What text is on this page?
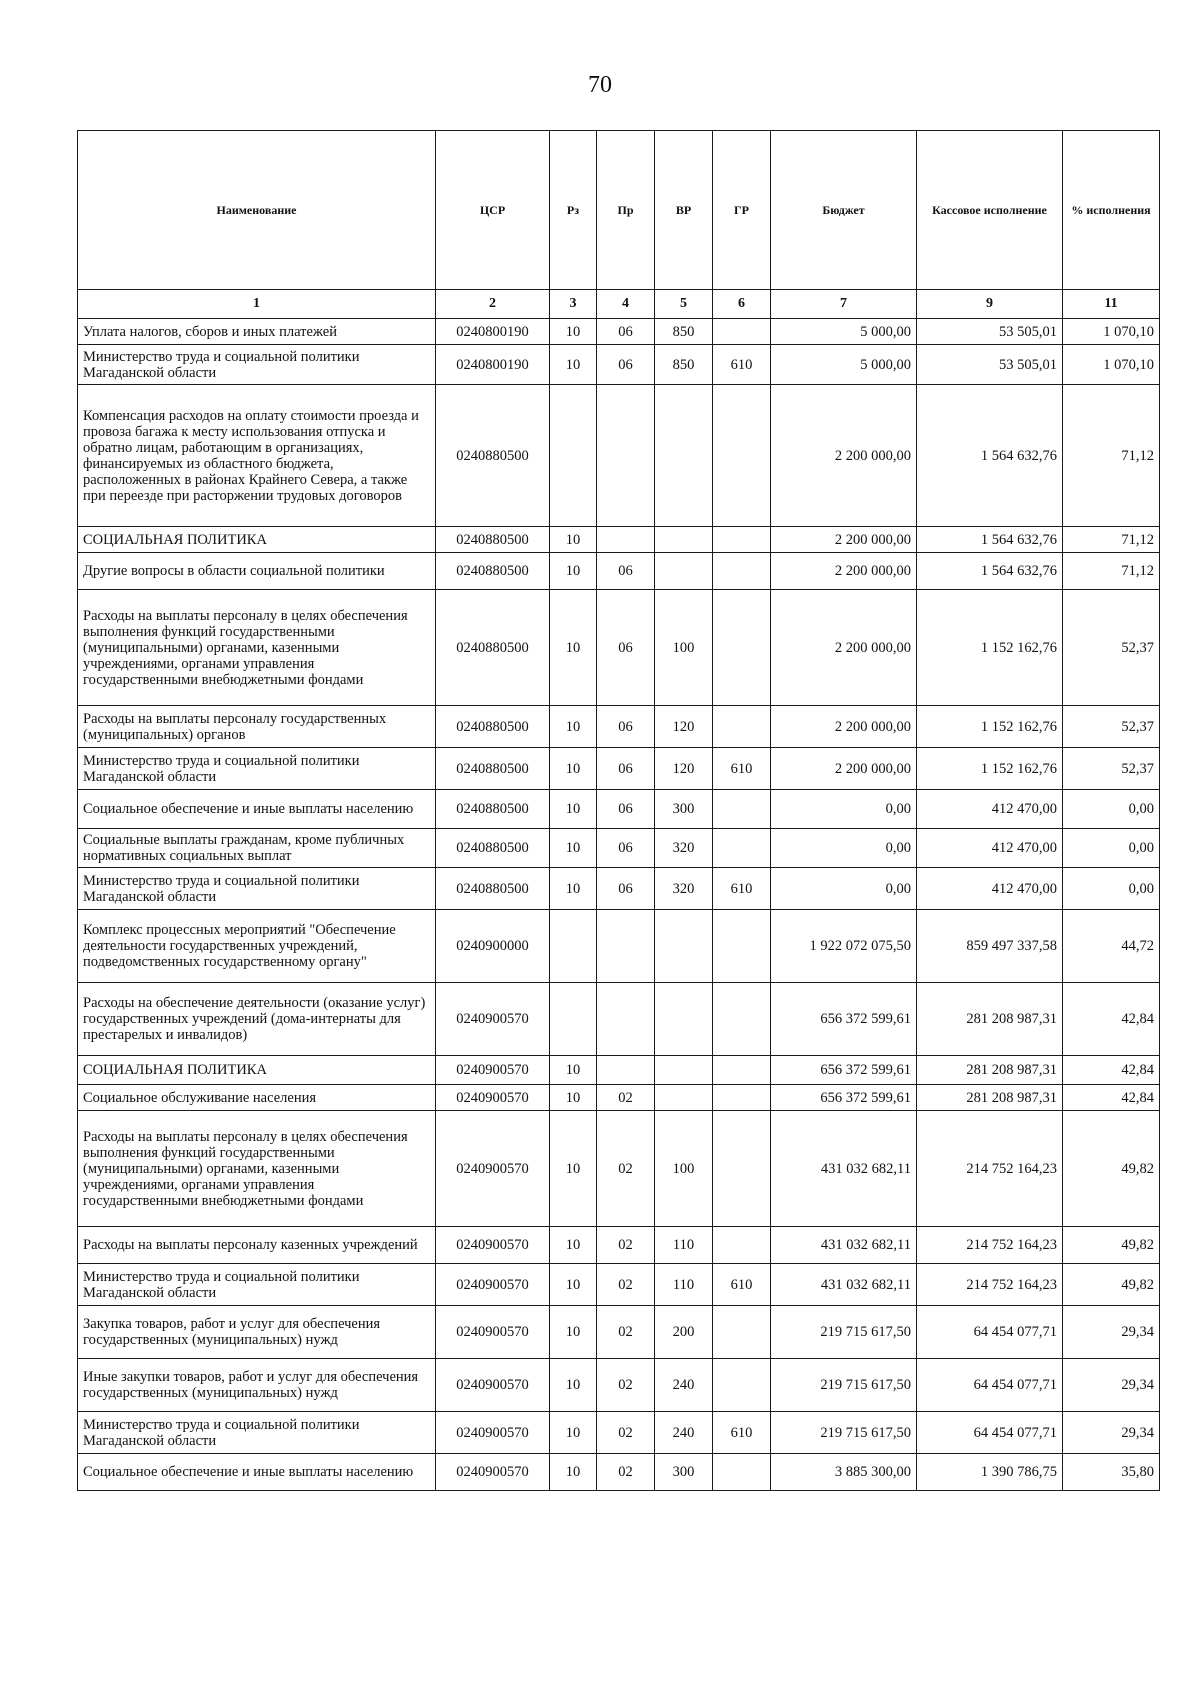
70
Наименование	ЦСР	Рз	Пр	ВР	ГР	Бюджет	Кассовое исполнение	% исполнения
1	2	3	4	5	6	7	9	11
Уплата налогов, сборов и иных платежей	0240800190	10	06	850		5 000,00	53 505,01	1 070,10
Министерство труда и социальной политики Магаданской области	0240800190	10	06	850	610	5 000,00	53 505,01	1 070,10
Компенсация расходов на оплату стоимости проезда и провоза багажа к месту использования отпуска и обратно лицам, работающим в организациях, финансируемых из областного бюджета, расположенных в районах Крайнего Севера, а также при переезде при расторжении трудовых договоров	0240880500					2 200 000,00	1 564 632,76	71,12
СОЦИАЛЬНАЯ ПОЛИТИКА	0240880500	10				2 200 000,00	1 564 632,76	71,12
Другие вопросы в области социальной политики	0240880500	10	06			2 200 000,00	1 564 632,76	71,12
Расходы на выплаты персоналу в целях обеспечения выполнения функций государственными (муниципальными) органами, казенными учреждениями, органами управления государственными внебюджетными фондами	0240880500	10	06	100		2 200 000,00	1 152 162,76	52,37
Расходы на выплаты персоналу государственных (муниципальных) органов	0240880500	10	06	120		2 200 000,00	1 152 162,76	52,37
Министерство труда и социальной политики Магаданской области	0240880500	10	06	120	610	2 200 000,00	1 152 162,76	52,37
Социальное обеспечение и иные выплаты населению	0240880500	10	06	300		0,00	412 470,00	0,00
Социальные выплаты гражданам, кроме публичных нормативных социальных выплат	0240880500	10	06	320		0,00	412 470,00	0,00
Министерство труда и социальной политики Магаданской области	0240880500	10	06	320	610	0,00	412 470,00	0,00
Комплекс процессных мероприятий "Обеспечение деятельности государственных учреждений, подведомственных государственному органу"	0240900000					1 922 072 075,50	859 497 337,58	44,72
Расходы на обеспечение деятельности (оказание услуг) государственных учреждений (дома-интернаты для престарелых и инвалидов)	0240900570					656 372 599,61	281 208 987,31	42,84
СОЦИАЛЬНАЯ ПОЛИТИКА	0240900570	10				656 372 599,61	281 208 987,31	42,84
Социальное обслуживание населения	0240900570	10	02			656 372 599,61	281 208 987,31	42,84
Расходы на выплаты персоналу в целях обеспечения выполнения функций государственными (муниципальными) органами, казенными учреждениями, органами управления государственными внебюджетными фондами	0240900570	10	02	100		431 032 682,11	214 752 164,23	49,82
Расходы на выплаты персоналу казенных учреждений	0240900570	10	02	110		431 032 682,11	214 752 164,23	49,82
Министерство труда и социальной политики Магаданской области	0240900570	10	02	110	610	431 032 682,11	214 752 164,23	49,82
Закупка товаров, работ и услуг для обеспечения государственных (муниципальных) нужд	0240900570	10	02	200		219 715 617,50	64 454 077,71	29,34
Иные закупки товаров, работ и услуг для обеспечения государственных (муниципальных) нужд	0240900570	10	02	240		219 715 617,50	64 454 077,71	29,34
Министерство труда и социальной политики Магаданской области	0240900570	10	02	240	610	219 715 617,50	64 454 077,71	29,34
Социальное обеспечение и иные выплаты населению	0240900570	10	02	300		3 885 300,00	1 390 786,75	35,80
